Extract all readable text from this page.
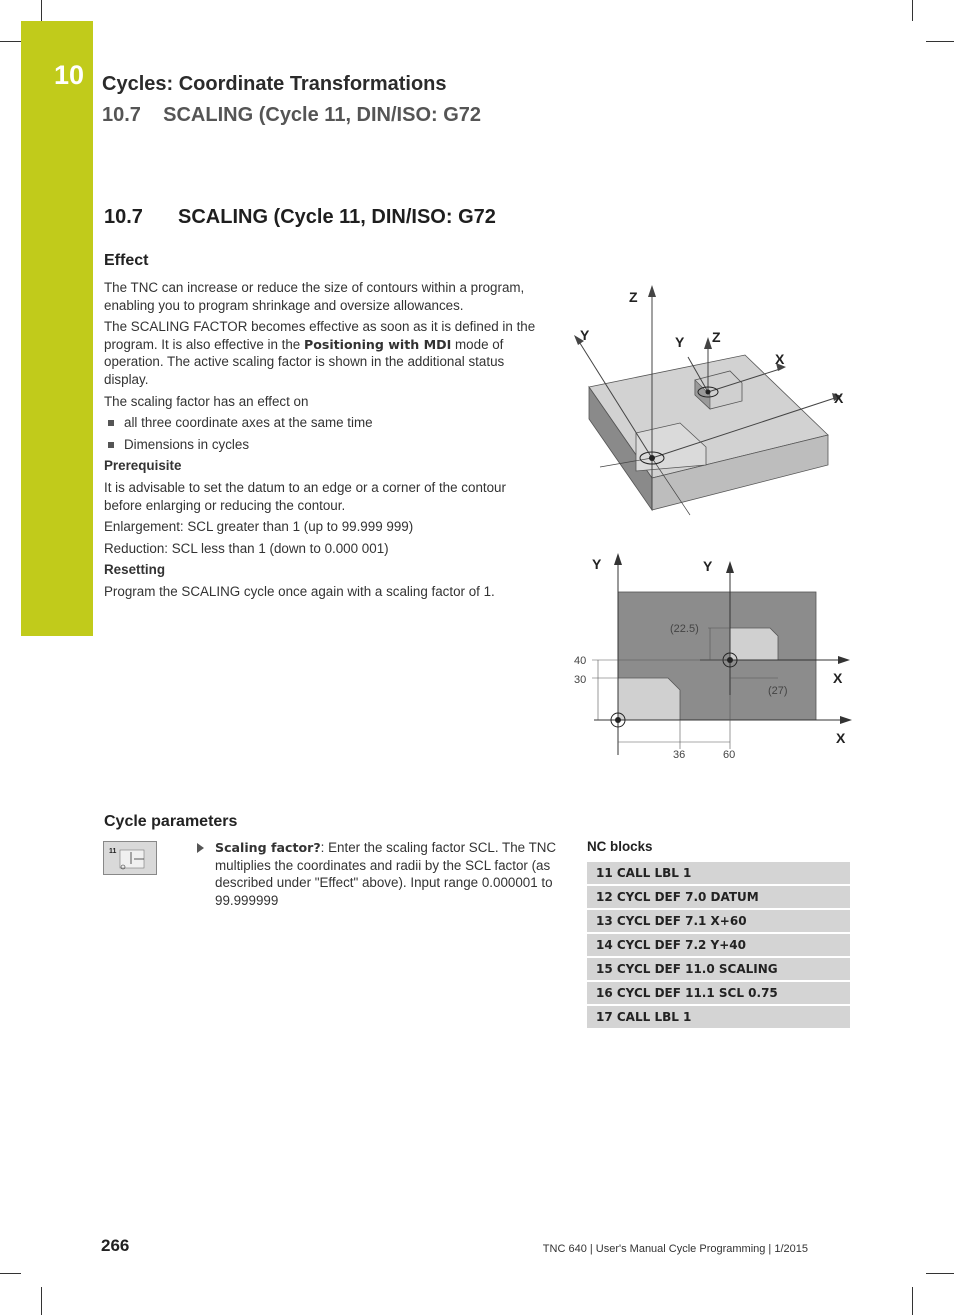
10 Cycles: Coordinate Transformations
10.7    SCALING (Cycle 11, DIN/ISO: G72
10.7 SCALING (Cycle 11, DIN/ISO: G72
Effect

The TNC can increase or reduce the size of contours within a program, enabling you to program shrinkage and oversize allowances.

The SCALING FACTOR becomes effective as soon as it is defined in the program. It is also effective in the Positioning with MDI mode of operation. The active scaling factor is shown in the additional status display.

The scaling factor has an effect on

all three coordinate axes at the same time
Dimensions in cycles

Prerequisite

It is advisable to set the datum to an edge or a corner of the contour before enlarging or reducing the contour.

Enlargement: SCL greater than 1 (up to 99.999 999)

Reduction: SCL less than 1 (down to 0.000 001)

Resetting

Program the SCALING cycle once again with a scaling factor of 1.

Z
Y	Y Z
X
X
Y	Y
X
X
40
30
36	60
(22.5)
(27)
Cycle parameters
11	Scaling factor?: Enter the scaling factor SCL. The TNC multiplies the coordinates and radii by the SCL factor (as described under "Effect" above). Input range 0.000001 to 99.999999
NC blocks
11 CALL LBL 1
12 CYCL DEF 7.0 DATUM
13 CYCL DEF 7.1 X+60
14 CYCL DEF 7.2 Y+40
15 CYCL DEF 11.0 SCALING
16 CYCL DEF 11.1 SCL 0.75
17 CALL LBL 1
266	TNC 640 | User's Manual Cycle Programming | 1/2015
